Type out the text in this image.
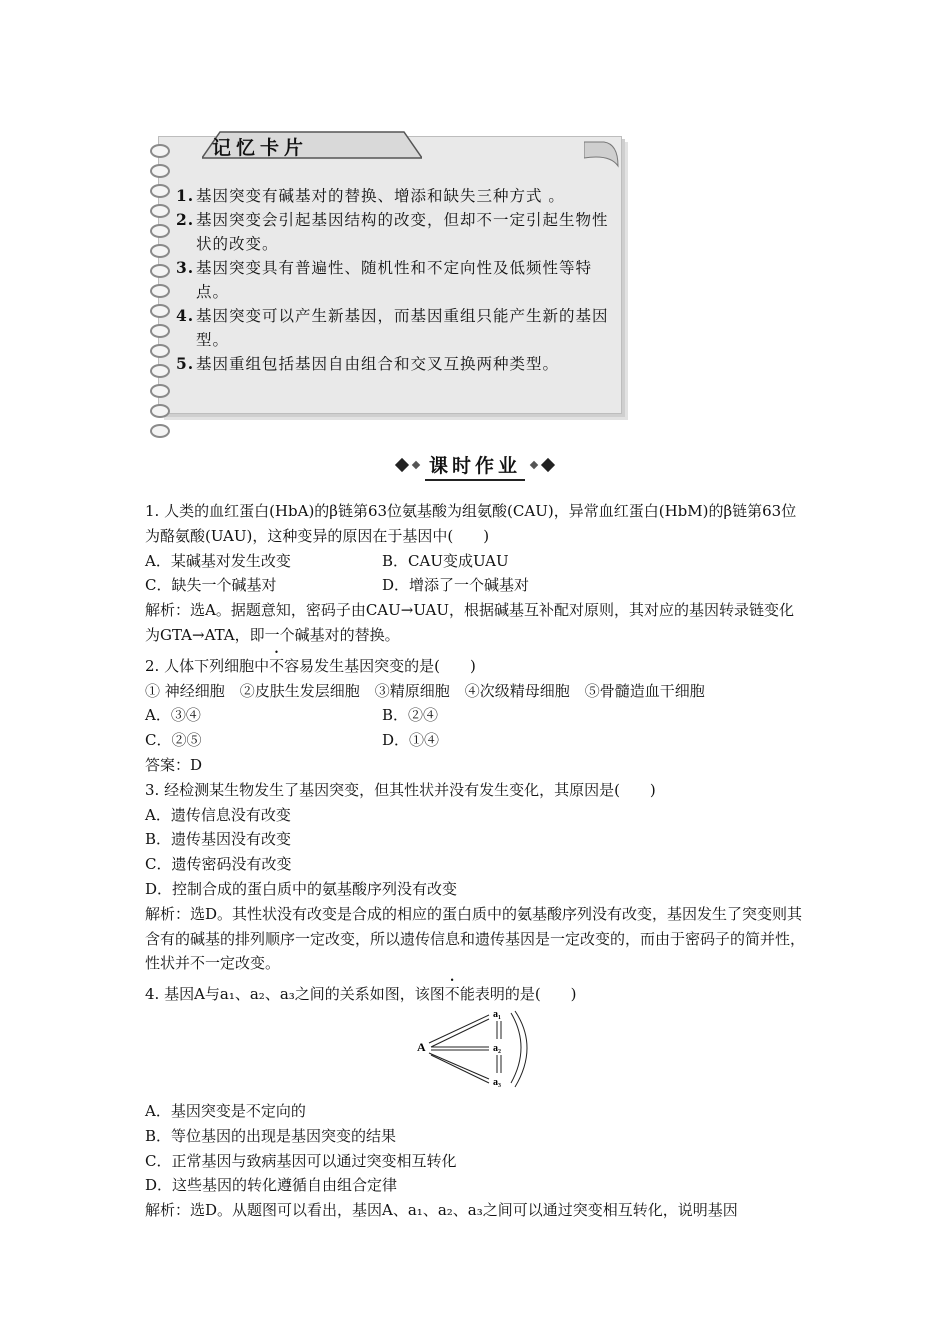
记忆卡片
1. 基因突变有碱基对的替换、增添和缺失三种方式 。
2. 基因突变会引起基因结构的改变，但却不一定引起生物性状的改变。
3. 基因突变具有普遍性、随机性和不定向性及低频性等特点。
4. 基因突变可以产生新基因，而基因重组只能产生新的基因型。
5. 基因重组包括基因自由组合和交叉互换两种类型。
课时作业

1. 人类的血红蛋白(HbA)的β链第63位氨基酸为组氨酸(CAU)，异常血红蛋白(HbM)的β链第63位为酪氨酸(UAU)，这种变异的原因在于基因中(　　)

A．某碱基对发生改变	B．CAU变成UAU
C．缺失一个碱基对	D．增添了一个碱基对

解析：选A。据题意知，密码子由CAU→UAU，根据碱基互补配对原则，其对应的基因转录链变化为GTA→ATA，即一个碱基对的替换。

2. 人体下列细胞中不容易发生基因突变的是(　　)

① 神经细胞　②皮肤生发层细胞　③精原细胞　④次级精母细胞　⑤骨髓造血干细胞

A．③④	B．②④
C．②⑤	D．①④

答案：D

3. 经检测某生物发生了基因突变，但其性状并没有发生变化，其原因是(　　)

A．遗传信息没有改变

B．遗传基因没有改变

C．遗传密码没有改变

D．控制合成的蛋白质中的氨基酸序列没有改变

解析：选D。其性状没有改变是合成的相应的蛋白质中的氨基酸序列没有改变，基因发生了突变则其含有的碱基的排列顺序一定改变，所以遗传信息和遗传基因是一定改变的，而由于密码子的简并性，性状并不一定改变。

4. 基因A与a₁、a₂、a₃之间的关系如图，该图不能表明的是(　　)

A
a₁
a₂
a₃

A．基因突变是不定向的

B．等位基因的出现是基因突变的结果

C．正常基因与致病基因可以通过突变相互转化

D．这些基因的转化遵循自由组合定律

解析：选D。从题图可以看出，基因A、a₁、a₂、a₃之间可以通过突变相互转化，说明基因
